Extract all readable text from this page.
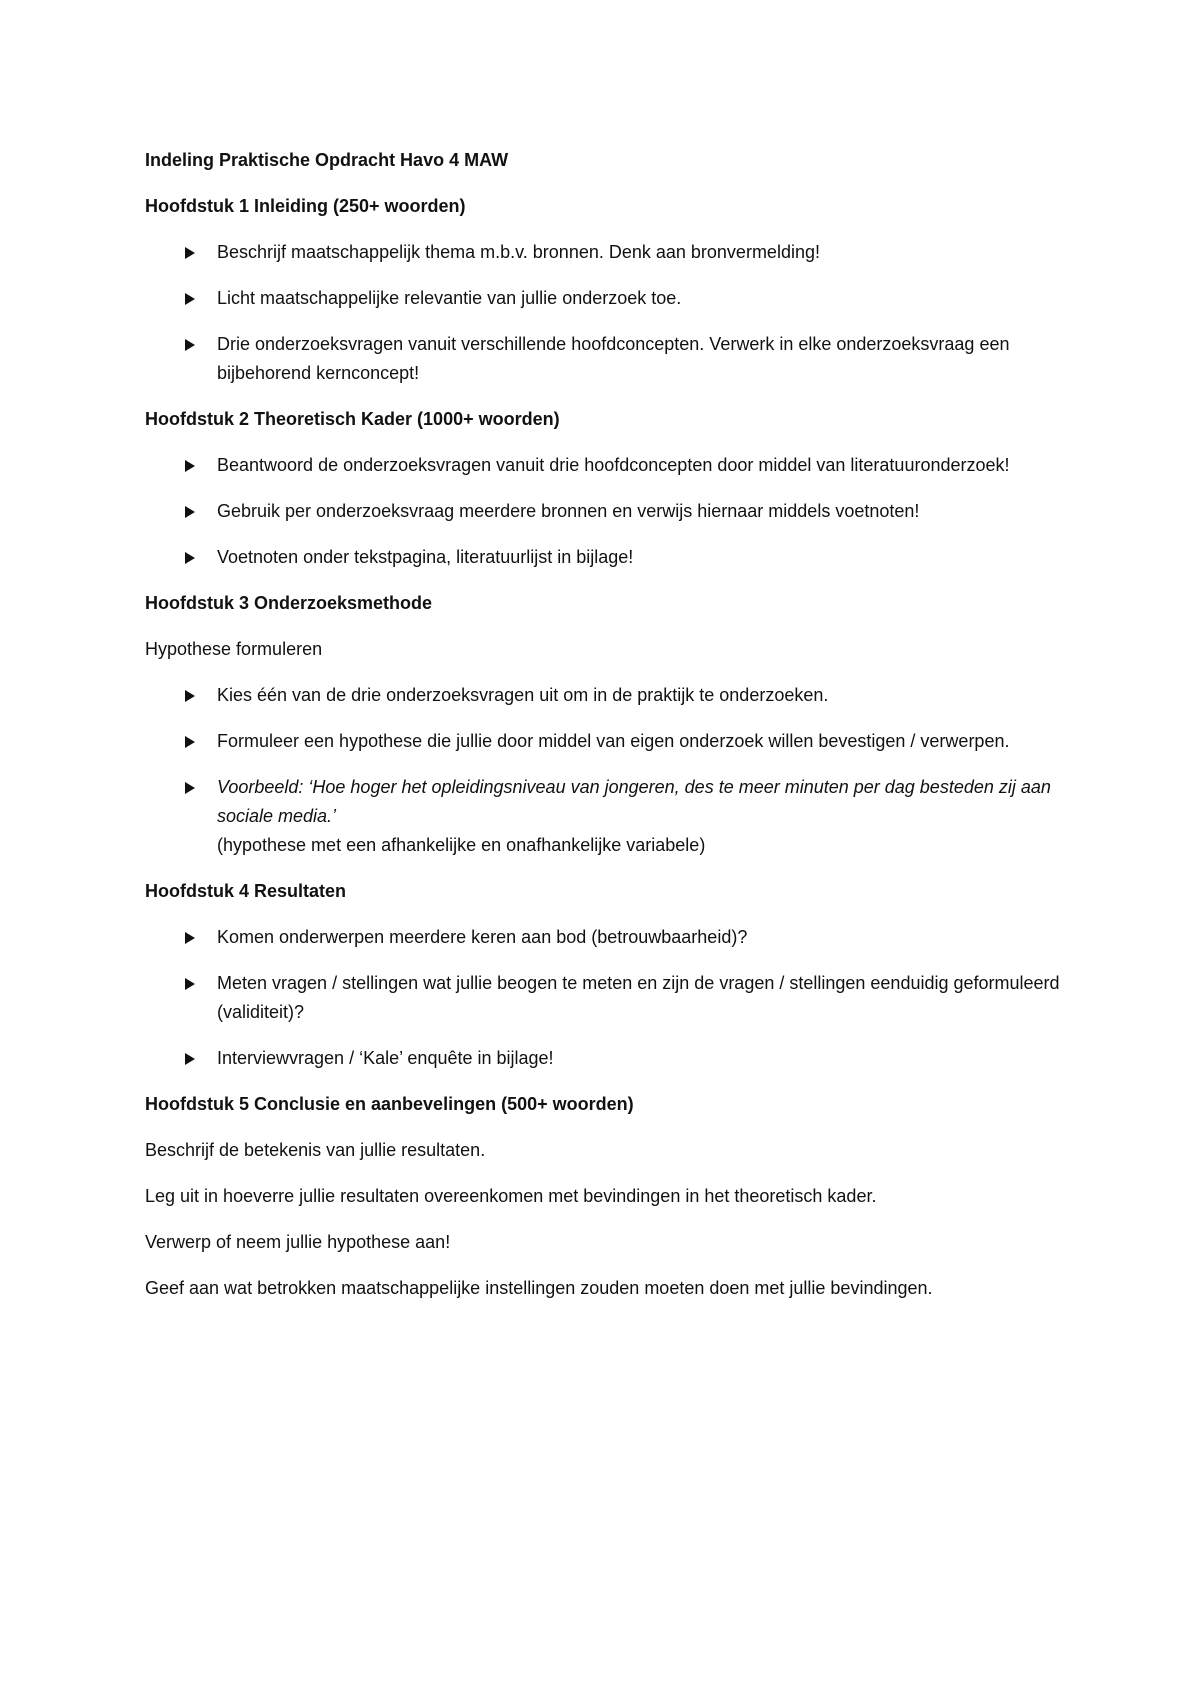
Indeling Praktische Opdracht Havo 4 MAW
Hoofdstuk 1 Inleiding (250+ woorden)
Beschrijf maatschappelijk thema m.b.v. bronnen. Denk aan bronvermelding!
Licht maatschappelijke relevantie van jullie onderzoek toe.
Drie onderzoeksvragen vanuit verschillende hoofdconcepten. Verwerk in elke onderzoeksvraag een bijbehorend kernconcept!
Hoofdstuk 2 Theoretisch Kader (1000+ woorden)
Beantwoord de onderzoeksvragen vanuit drie hoofdconcepten door middel van literatuuronderzoek!
Gebruik per onderzoeksvraag meerdere bronnen en verwijs hiernaar middels voetnoten!
Voetnoten onder tekstpagina, literatuurlijst in bijlage!
Hoofdstuk 3 Onderzoeksmethode
Hypothese formuleren
Kies één van de drie onderzoeksvragen uit om in de praktijk te onderzoeken.
Formuleer een hypothese die jullie door middel van eigen onderzoek willen bevestigen / verwerpen.
Voorbeeld: ‘Hoe hoger het opleidingsniveau van jongeren, des te meer minuten per dag besteden zij aan sociale media.’
(hypothese met een afhankelijke en onafhankelijke variabele)
Hoofdstuk 4 Resultaten
Komen onderwerpen meerdere keren aan bod (betrouwbaarheid)?
Meten vragen / stellingen wat jullie beogen te meten en zijn de vragen / stellingen eenduidig geformuleerd (validiteit)?
Interviewvragen / ‘Kale’ enquête in bijlage!
Hoofdstuk 5 Conclusie en aanbevelingen (500+ woorden)
Beschrijf de betekenis van jullie resultaten.
Leg uit in hoeverre jullie resultaten overeenkomen met bevindingen in het theoretisch kader.
Verwerp of neem jullie hypothese aan!
Geef aan wat betrokken maatschappelijke instellingen zouden moeten doen met jullie bevindingen.
